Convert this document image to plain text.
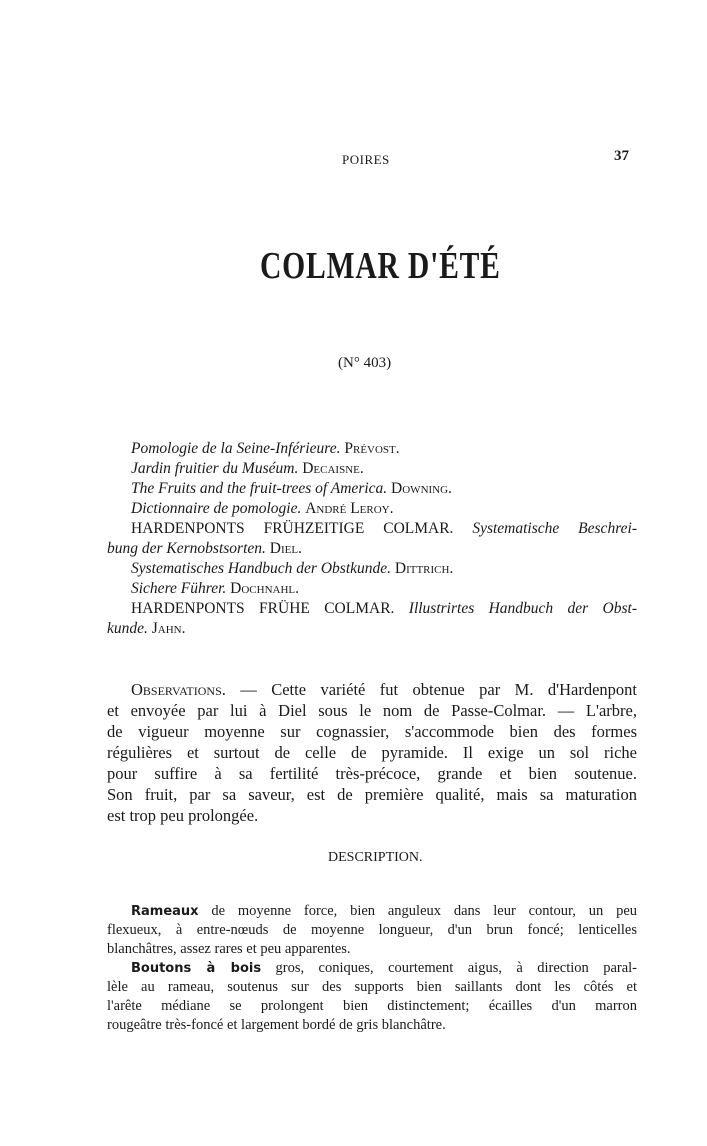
POIRES	37
COLMAR D'ÉTÉ
(N° 403)
Pomologie de la Seine-Inférieure. Prévost.
Jardin fruitier du Muséum. Decaisne.
The Fruits and the fruit-trees of America. Downing.
Dictionnaire de pomologie. André Leroy.
HARDENPONTS FRÜHZEITIGE COLMAR. Systematische Beschrei-
bung der Kernobstsorten. Diel.
Systematisches Handbuch der Obstkunde. Dittrich.
Sichere Führer. Dochnahl.
HARDENPONTS FRÜHE COLMAR. Illustrirtes Handbuch der Obst-
kunde. Jahn.
Observations. — Cette variété fut obtenue par M. d'Hardenpont
et envoyée par lui à Diel sous le nom de Passe-Colmar. — L'arbre,
de vigueur moyenne sur cognassier, s'accommode bien des formes
régulières et surtout de celle de pyramide. Il exige un sol riche
pour suffire à sa fertilité très-précoce, grande et bien soutenue.
Son fruit, par sa saveur, est de première qualité, mais sa maturation
est trop peu prolongée.
DESCRIPTION.
Rameaux de moyenne force, bien anguleux dans leur contour, un peu
flexueux, à entre-nœuds de moyenne longueur, d'un brun foncé; lenticelles
blanchâtres, assez rares et peu apparentes.
Boutons à bois gros, coniques, courtement aigus, à direction paral-
lèle au rameau, soutenus sur des supports bien saillants dont les côtés et
l'arête médiane se prolongent bien distinctement; écailles d'un marron
rougeâtre très-foncé et largement bordé de gris blanchâtre.
